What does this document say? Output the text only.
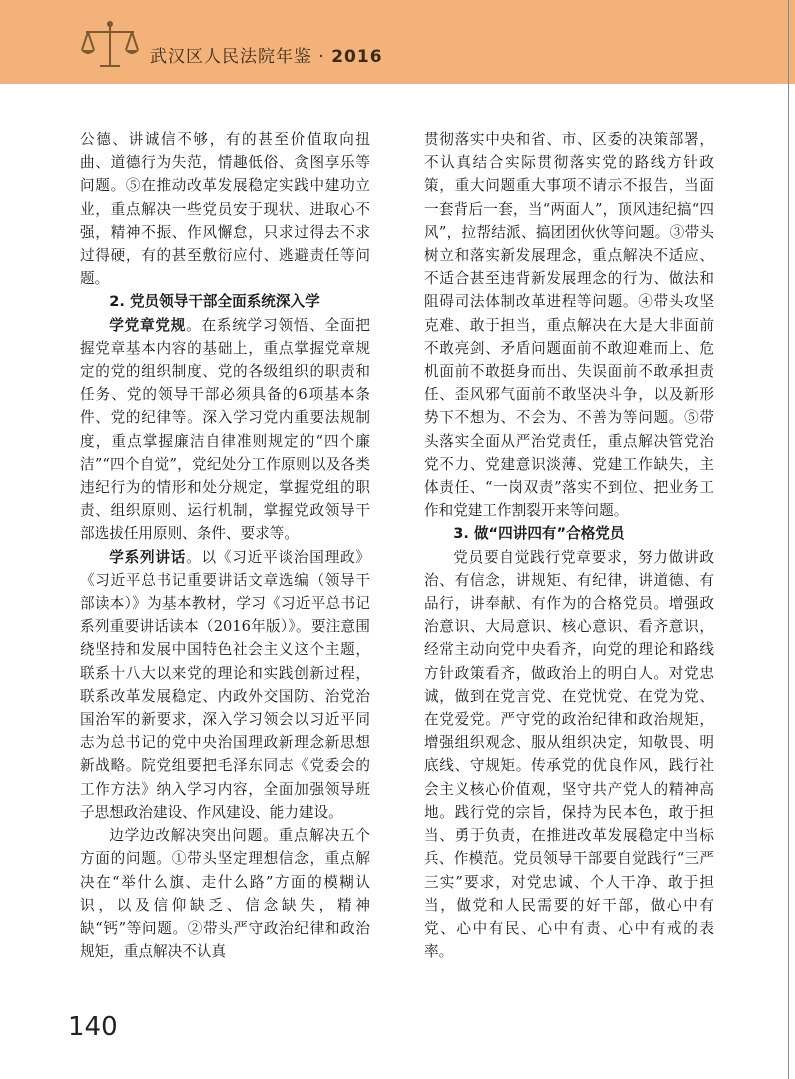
武汉区人民法院年鉴 · 2016

公德、讲诚信不够，有的甚至价值取向扭曲、道德行为失范，情趣低俗、贪图享乐等问题。⑤在推动改革发展稳定实践中建功立业，重点解决一些党员安于现状、进取心不强，精神不振、作风懈怠，只求过得去不求过得硬，有的甚至敷衍应付、逃避责任等问题。

2. 党员领导干部全面系统深入学

学党章党规。在系统学习领悟、全面把握党章基本内容的基础上，重点掌握党章规定的党的组织制度、党的各级组织的职责和任务、党的领导干部必须具备的6项基本条件、党的纪律等。深入学习党内重要法规制度，重点掌握廉洁自律准则规定的“四个廉洁”“四个自觉”，党纪处分工作原则以及各类违纪行为的情形和处分规定，掌握党组的职责、组织原则、运行机制，掌握党政领导干部选拔任用原则、条件、要求等。

学系列讲话。以《习近平谈治国理政》《习近平总书记重要讲话文章选编（领导干部读本）》为基本教材，学习《习近平总书记系列重要讲话读本（2016年版）》。要注意围绕坚持和发展中国特色社会主义这个主题，联系十八大以来党的理论和实践创新过程，联系改革发展稳定、内政外交国防、治党治国治军的新要求，深入学习领会以习近平同志为总书记的党中央治国理政新理念新思想新战略。院党组要把毛泽东同志《党委会的工作方法》纳入学习内容，全面加强领导班子思想政治建设、作风建设、能力建设。

边学边改解决突出问题。重点解决五个方面的问题。①带头坚定理想信念，重点解决在“举什么旗、走什么路”方面的模糊认识，以及信仰缺乏、信念缺失，精神缺“钙”等问题。②带头严守政治纪律和政治规矩，重点解决不认真

贯彻落实中央和省、市、区委的决策部署，不认真结合实际贯彻落实党的路线方针政策，重大问题重大事项不请示不报告，当面一套背后一套，当“两面人”，顶风违纪搞“四风”，拉帮结派、搞团团伙伙等问题。③带头树立和落实新发展理念，重点解决不适应、不适合甚至违背新发展理念的行为、做法和阻碍司法体制改革进程等问题。④带头攻坚克难、敢于担当，重点解决在大是大非面前不敢亮剑、矛盾问题面前不敢迎难而上、危机面前不敢挺身而出、失误面前不敢承担责任、歪风邪气面前不敢坚决斗争，以及新形势下不想为、不会为、不善为等问题。⑤带头落实全面从严治党责任，重点解决管党治党不力、党建意识淡薄、党建工作缺失，主体责任、“一岗双责”落实不到位、把业务工作和党建工作割裂开来等问题。

3. 做“四讲四有”合格党员

党员要自觉践行党章要求，努力做讲政治、有信念，讲规矩、有纪律，讲道德、有品行，讲奉献、有作为的合格党员。增强政治意识、大局意识、核心意识、看齐意识，经常主动向党中央看齐，向党的理论和路线方针政策看齐，做政治上的明白人。对党忠诚，做到在党言党、在党忧党、在党为党、在党爱党。严守党的政治纪律和政治规矩，增强组织观念、服从组织决定，知敬畏、明底线、守规矩。传承党的优良作风，践行社会主义核心价值观，坚守共产党人的精神高地。践行党的宗旨，保持为民本色，敢于担当、勇于负责，在推进改革发展稳定中当标兵、作模范。党员领导干部要自觉践行“三严三实”要求，对党忠诚、个人干净、敢于担当，做党和人民需要的好干部，做心中有党、心中有民、心中有责、心中有戒的表率。

140
